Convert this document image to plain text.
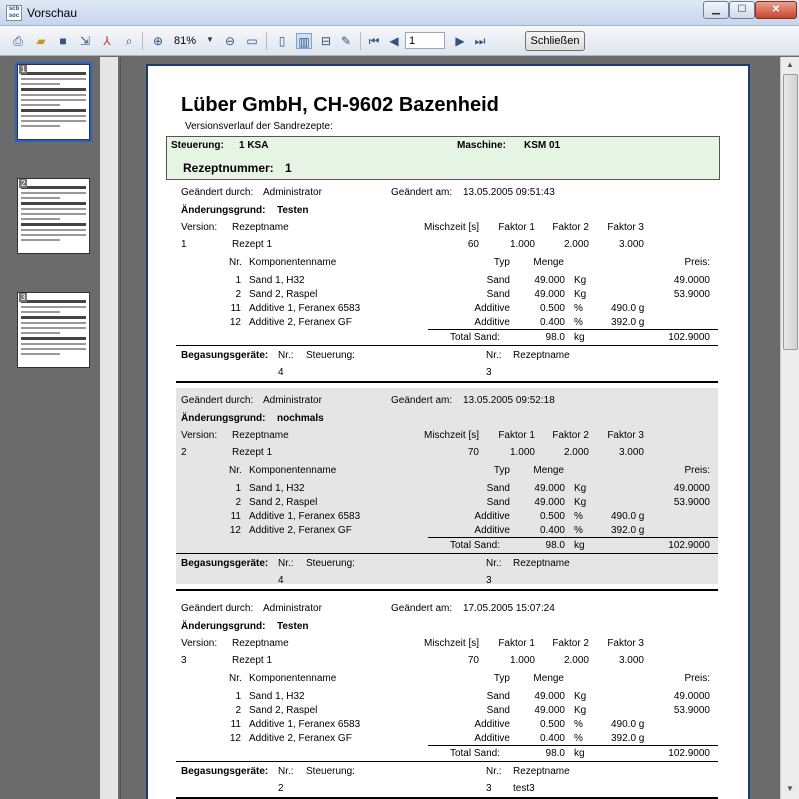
scb soc Vorschau	▁	☐	✕
⎙ ▰	■	⇲	⅄	⌕	⊕ 81% ▼ ⊖ ▭	▯	▥ ⊟ ✎ ⏮ ◀
1	▶ ⏭	Schließen
1
2
3
Lüber GmbH, CH-9602 Bazenheid
Versionsverlauf der Sandrezepte:
Steuerung: 1 KSA	Maschine: KSM 01
Rezeptnummer: 1
Geändert durch: Administrator	Geändert am: 13.05.2005 09:51:43
Änderungsgrund: Testen
Version: Rezeptname	Mischzeit [s] Faktor 1 Faktor 2 Faktor 3
1	Rezept 1	60	1.000	2.000	3.000
Nr. Komponentenname	Typ Menge	Preis:
1 Sand 1, H32	Sand 49.000 Kg	49.0000
2 Sand 2, Raspel	Sand 49.000 Kg	53.9000
11 Additive 1, Feranex 6583	Additive	0.500 %	490.0 g
12 Additive 2, Feranex GF	Additive	0.400 %	392.0 g
Total Sand:	98.0 kg	102.9000
Begasungsgeräte: Nr.: Steuerung:	Nr.: Rezeptname
4	3
Geändert durch: Administrator	Geändert am: 13.05.2005 09:52:18
Änderungsgrund: nochmals
Version: Rezeptname	Mischzeit [s] Faktor 1 Faktor 2 Faktor 3
2	Rezept 1	70	1.000	2.000	3.000
Nr. Komponentenname	Typ Menge	Preis:
1 Sand 1, H32	Sand 49.000 Kg	49.0000
2 Sand 2, Raspel	Sand 49.000 Kg	53.9000
11 Additive 1, Feranex 6583	Additive	0.500 %	490.0 g
12 Additive 2, Feranex GF	Additive	0.400 %	392.0 g
Total Sand:	98.0 kg	102.9000
Begasungsgeräte: Nr.: Steuerung:	Nr.: Rezeptname
4	3
Geändert durch: Administrator	Geändert am: 17.05.2005 15:07:24
Änderungsgrund: Testen
Version: Rezeptname	Mischzeit [s] Faktor 1 Faktor 2 Faktor 3
3	Rezept 1	70	1.000	2.000	3.000
Nr. Komponentenname	Typ Menge	Preis:
1 Sand 1, H32	Sand 49.000 Kg	49.0000
2 Sand 2, Raspel	Sand 49.000 Kg	53.9000
11 Additive 1, Feranex 6583	Additive	0.500 %	490.0 g
12 Additive 2, Feranex GF	Additive	0.400 %	392.0 g
Total Sand:	98.0 kg	102.9000
Begasungsgeräte: Nr.: Steuerung:	Nr.: Rezeptname
2	3 test3
▲
▼
